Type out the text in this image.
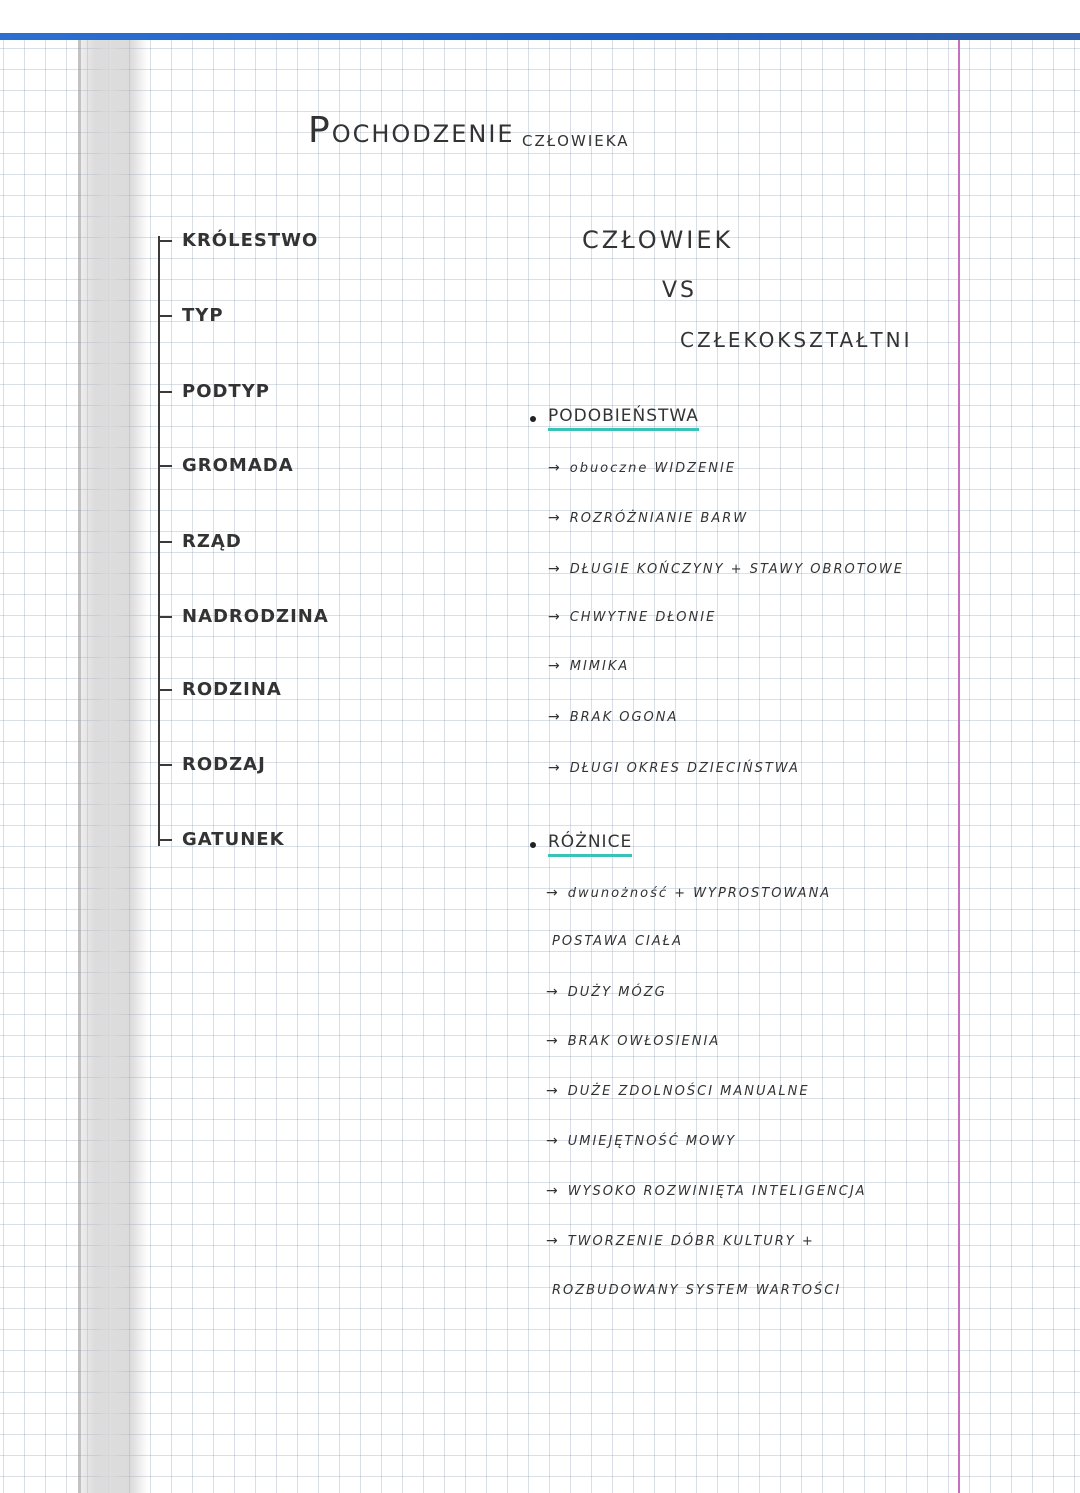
POCHODZENIE CZŁOWIEKA
CZŁOWIEK
VS
CZŁEKOKSZTAŁTNI
KRÓLESTWO
TYP
PODTYP
GROMADA
RZĄD
NADRODZINA
RODZINA
RODZAJ
GATUNEK
PODOBIEŃSTWA
→ obuoczne WIDZENIE
→ ROZRÓŻNIANIE BARW
→ DŁUGIE KOŃCZYNY + STAWY OBROTOWE
→ CHWYTNE DŁONIE
→ MIMIKA
→ BRAK OGONA
→ DŁUGI OKRES DZIECIŃSTWA
RÓŻNICE
→ dwunożność + WYPROSTOWANA
POSTAWA CIAŁA
→ DUŻY MÓZG
→ BRAK OWŁOSIENIA
→ DUŻE ZDOLNOŚCI MANUALNE
→ UMIEJĘTNOŚĆ MOWY
→ WYSOKO ROZWINIĘTA INTELIGENCJA
→ TWORZENIE DÓBR KULTURY +
ROZBUDOWANY SYSTEM WARTOŚCI
